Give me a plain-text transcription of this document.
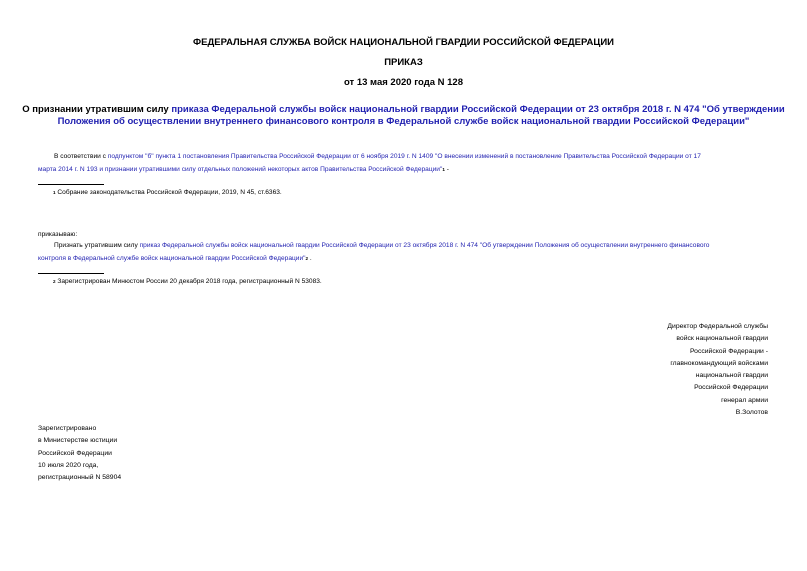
ФЕДЕРАЛЬНАЯ СЛУЖБА ВОЙСК НАЦИОНАЛЬНОЙ ГВАРДИИ РОССИЙСКОЙ ФЕДЕРАЦИИ
ПРИКАЗ
от 13 мая 2020 года N 128
О признании утратившим силу приказа Федеральной службы войск национальной гвардии Российской Федерации от 23 октября 2018 г. N 474 "Об утверждении
Положения об осуществлении внутреннего финансового контроля в Федеральной службе войск национальной гвардии Российской Федерации"
В соответствии с подпунктом "б" пункта 1 постановления Правительства Российской Федерации от 6 ноября 2019 г. N 1409 "О внесении изменений в постановление Правительства Российской Федерации от 17
марта 2014 г. N 193 и признании утратившими силу отдельных положений некоторых актов Правительства Российской Федерации"1 -
1 Собрание законодательства Российской Федерации, 2019, N 45, ст.6363.
приказываю:
Признать утратившим силу приказ Федеральной службы войск национальной гвардии Российской Федерации от 23 октября 2018 г. N 474 "Об утверждении Положения об осуществлении внутреннего финансового
контроля в Федеральной службе войск национальной гвардии Российской Федерации"2 .
2 Зарегистрирован Минюстом России 20 декабря 2018 года, регистрационный N 53083.
Директор Федеральной службы
войск национальной гвардии
Российской Федерации -
главнокомандующий войсками
национальной гвардии
Российской Федерации
генерал армии
В.Золотов
Зарегистрировано
в Министерстве юстиции
Российской Федерации
10 июля 2020 года,
регистрационный N 58904
